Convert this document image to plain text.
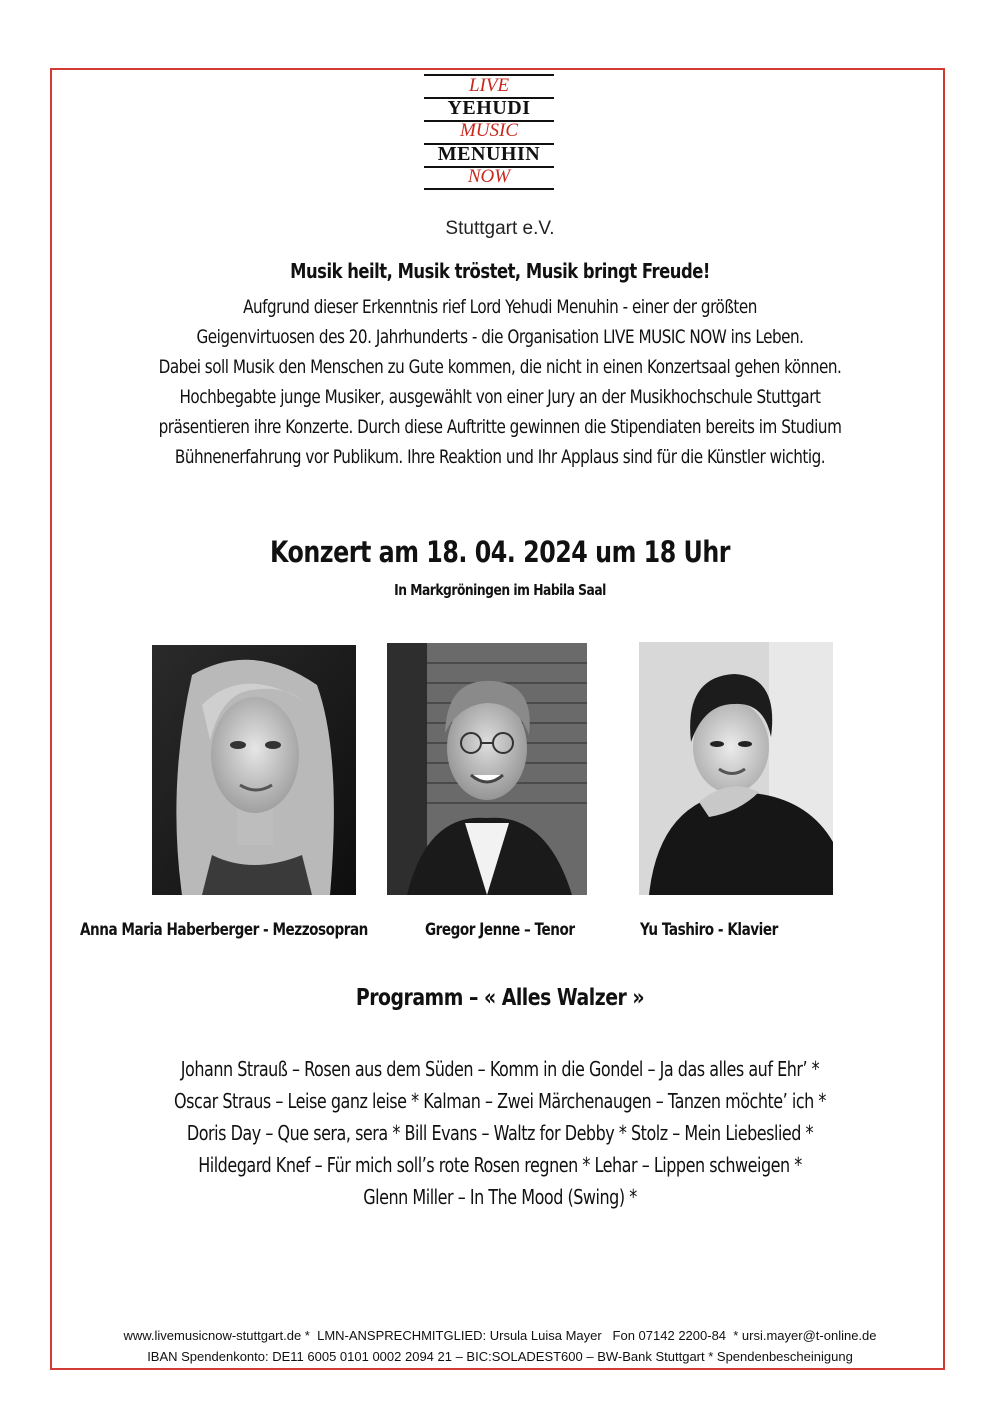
LIVE
YEHUDI
MUSIC
MENUHIN
NOW
Stuttgart e.V.
Musik heilt, Musik tröstet, Musik bringt Freude!
Aufgrund dieser Erkenntnis rief Lord Yehudi Menuhin - einer der größten
Geigenvirtuosen des 20. Jahrhunderts - die Organisation LIVE MUSIC NOW ins Leben.
Dabei soll Musik den Menschen zu Gute kommen, die nicht in einen Konzertsaal gehen können.
Hochbegabte junge Musiker, ausgewählt von einer Jury an der Musikhochschule Stuttgart
präsentieren ihre Konzerte. Durch diese Auftritte gewinnen die Stipendiaten bereits im Studium
Bühnenerfahrung vor Publikum. Ihre Reaktion und Ihr Applaus sind für die Künstler wichtig.
Konzert am 18. 04. 2024 um 18 Uhr
In Markgröningen im Habila Saal
Anna Maria Haberberger - Mezzosopran	Gregor Jenne – Tenor	Yu Tashiro - Klavier
Programm – « Alles Walzer »
Johann Strauß – Rosen aus dem Süden – Komm in die Gondel – Ja das alles auf Ehr’ *
Oscar Straus – Leise ganz leise * Kalman – Zwei Märchenaugen – Tanzen möchte’ ich *
Doris Day – Que sera, sera * Bill Evans – Waltz for Debby * Stolz – Mein Liebeslied *
Hildegard Knef – Für mich soll’s rote Rosen regnen * Lehar – Lippen schweigen *
Glenn Miller – In The Mood (Swing) *
www.livemusicnow-stuttgart.de *  LMN-ANSPRECHMITGLIED: Ursula Luisa Mayer   Fon 07142 2200-84  * ursi.mayer@t-online.de
IBAN Spendenkonto: DE11 6005 0101 0002 2094 21 – BIC:SOLADEST600 – BW-Bank Stuttgart * Spendenbescheinigung
